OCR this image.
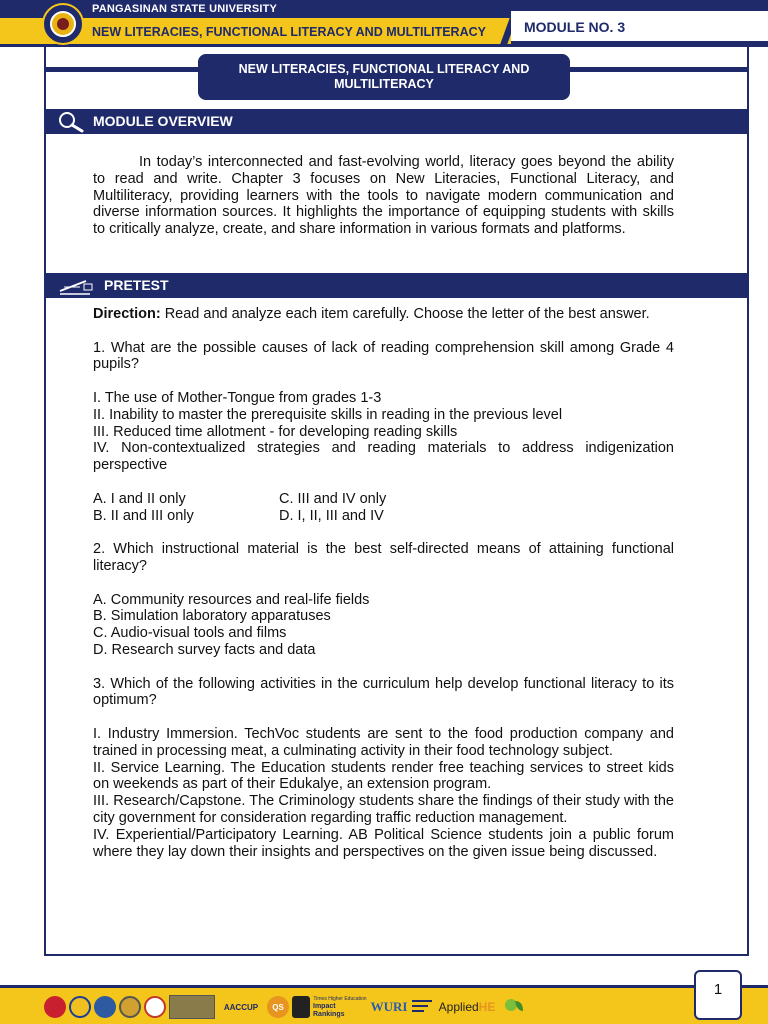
PANGASINAN STATE UNIVERSITY
NEW LITERACIES, FUNCTIONAL LITERACY AND MULTILITERACY	MODULE NO. 3
NEW LITERACIES, FUNCTIONAL LITERACY AND
MULTILITERACY
MODULE OVERVIEW

In today’s interconnected and fast-evolving world, literacy goes beyond the ability to read and write. Chapter 3 focuses on New Literacies, Functional Literacy, and Multiliteracy, providing learners with the tools to navigate modern communication and diverse information sources. It highlights the importance of equipping students with skills to critically analyze, create, and share information in various formats and platforms.

PRETEST

Direction: Read and analyze each item carefully. Choose the letter of the best answer.

1. What are the possible causes of lack of reading comprehension skill among Grade 4 pupils?

I. The use of Mother-Tongue from grades 1-3

II. Inability to master the prerequisite skills in reading in the previous level

III. Reduced time allotment - for developing reading skills

IV. Non-contextualized strategies and reading materials to address indigenization perspective

A. I and II only
B. II and III only
C. III and IV only
D. I, II, III and IV

2. Which instructional material is the best self-directed means of attaining functional literacy?

A. Community resources and real-life fields

B. Simulation laboratory apparatuses

C. Audio-visual tools and films

D. Research survey facts and data

3. Which of the following activities in the curriculum help develop functional literacy to its optimum?

I. Industry Immersion. TechVoc students are sent to the food production company and trained in processing meat, a culminating activity in their food technology subject.

II. Service Learning. The Education students render free teaching services to street kids on weekends as part of their Edukalye, an extension program.

III. Research/Capstone. The Criminology students share the findings of their study with the city government for consideration regarding traffic reduction management.

IV. Experiential/Participatory Learning. AB Political Science students join a public forum where they lay down their insights and perspectives on the given issue being discussed.

AACCUP	QS
Times Higher Education
Impact Rankings
WURI	Applied HE
1
